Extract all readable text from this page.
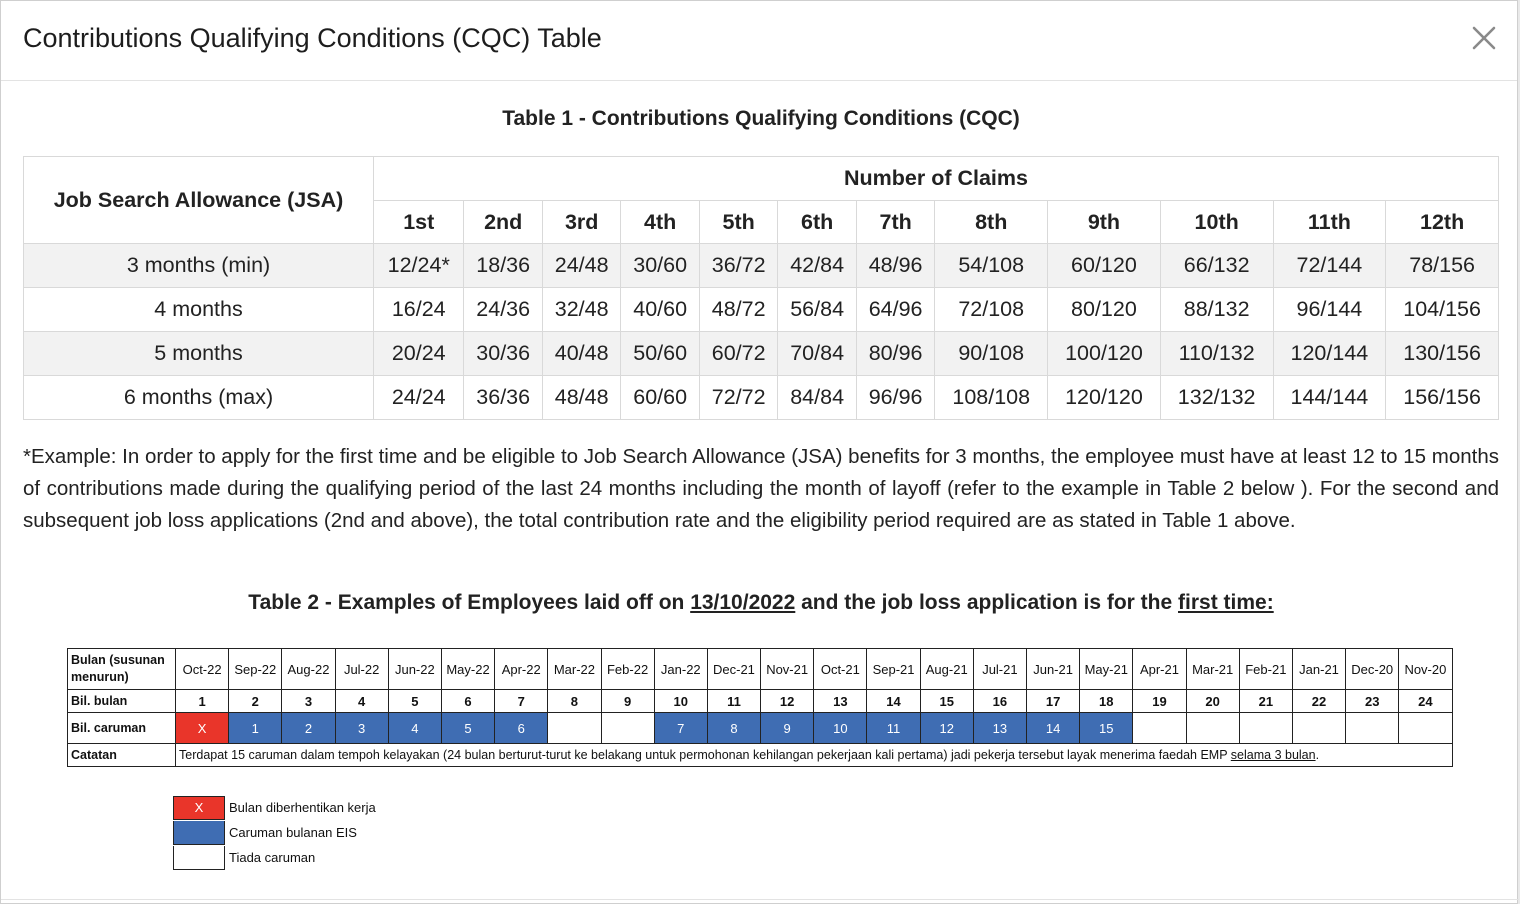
Contributions Qualifying Conditions (CQC) Table
Table 1 - Contributions Qualifying Conditions (CQC)
Job Search Allowance (JSA)	Number of Claims											
	1st	2nd	3rd	4th	5th	6th	7th	8th	9th	10th	11th	12th
3 months (min)	12/24*	18/36	24/48	30/60	36/72	42/84	48/96	54/108	60/120	66/132	72/144	78/156
4 months	16/24	24/36	32/48	40/60	48/72	56/84	64/96	72/108	80/120	88/132	96/144	104/156
5 months	20/24	30/36	40/48	50/60	60/72	70/84	80/96	90/108	100/120	110/132	120/144	130/156
6 months (max)	24/24	36/36	48/48	60/60	72/72	84/84	96/96	108/108	120/120	132/132	144/144	156/156
*Example: In order to apply for the first time and be eligible to Job Search Allowance (JSA) benefits for 3 months, the employee must have at least 12 to 15 months of contributions made during the qualifying period of the last 24 months including the month of layoff (refer to the example in Table 2 below ). For the second and subsequent job loss applications (2nd and above), the total contribution rate and the eligibility period required are as stated in Table 1 above.
Table 2 - Examples of Employees laid off on 13/10/2022 and the job loss application is for the first time:
Bulan (susunan menurun)	Oct-22	Sep-22	Aug-22	Jul-22	Jun-22	May-22	Apr-22	Mar-22	Feb-22	Jan-22	Dec-21	Nov-21	Oct-21	Sep-21	Aug-21	Jul-21	Jun-21	May-21	Apr-21	Mar-21	Feb-21	Jan-21	Dec-20	Nov-20
Bil. bulan	1	2	3	4	5	6	7	8	9	10	11	12	13	14	15	16	17	18	19	20	21	22	23	24
Bil. caruman	X	1	2	3	4	5	6			7	8	9	10	11	12	13	14	15						
Catatan	Terdapat 15 caruman dalam tempoh kelayakan (24 bulan berturut-turut ke belakang untuk permohonan kehilangan pekerjaan kali pertama) jadi pekerja tersebut layak menerima faedah EMP selama 3 bulan.																							
X	Bulan diberhentikan kerja
Caruman bulanan EIS
Tiada caruman
